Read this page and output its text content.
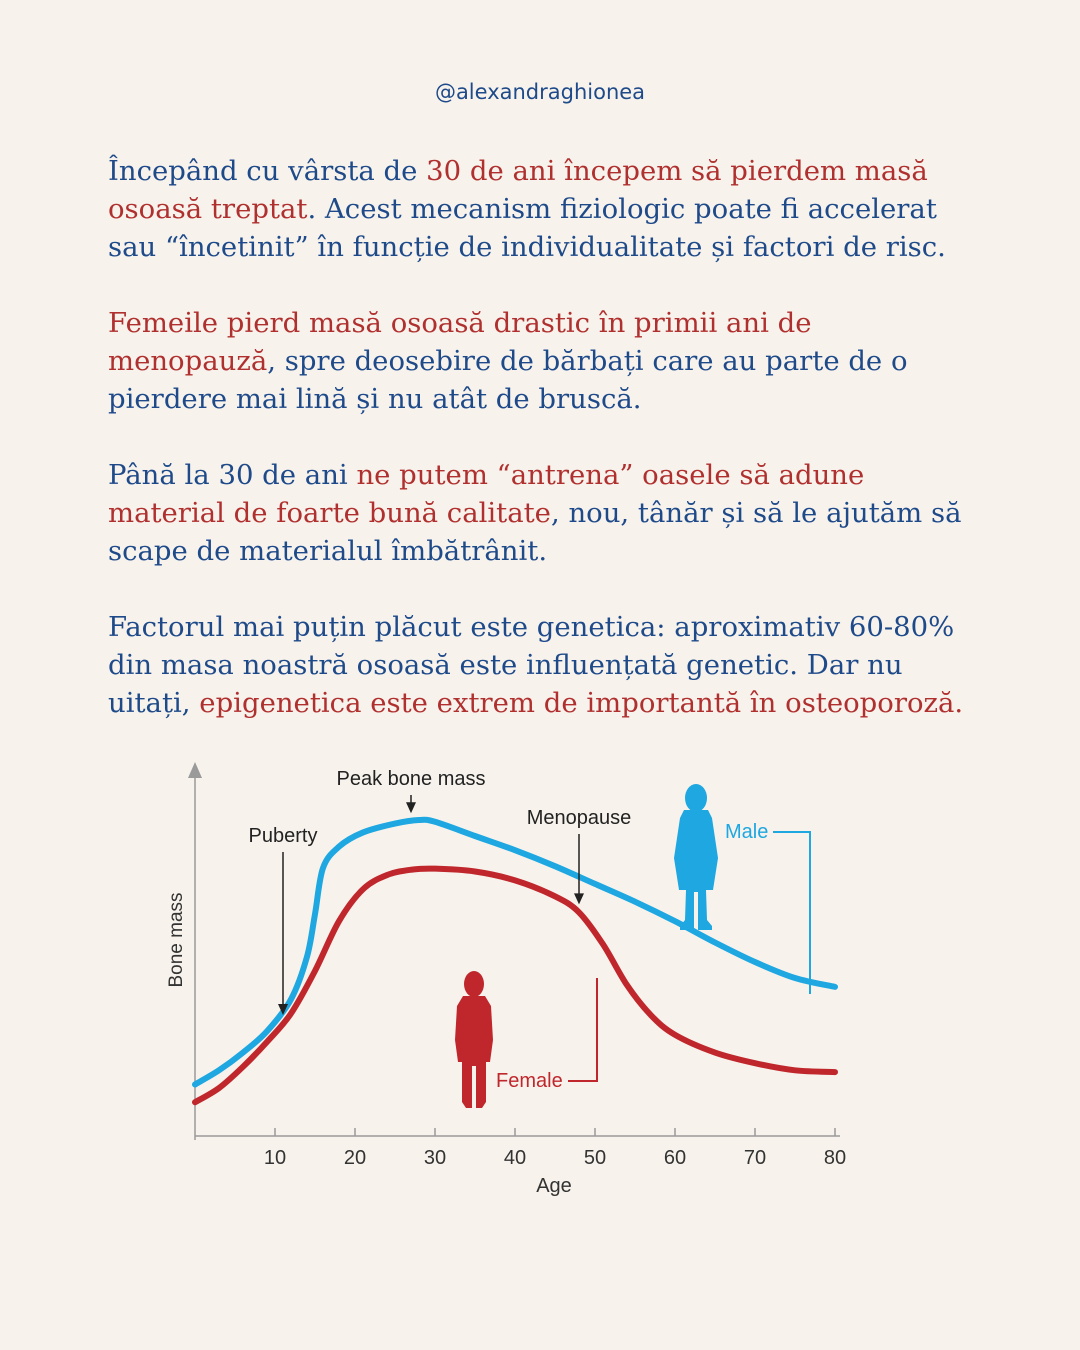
@alexandraghionea

Începând cu vârsta de 30 de ani începem să pierdem masă osoasă treptat. Acest mecanism fiziologic poate fi accelerat sau “încetinit” în funcție de individualitate și factori de risc.

Femeile pierd masă osoasă drastic în primii ani de menopauză, spre deosebire de bărbați care au parte de o pierdere mai lină și nu atât de bruscă.

Până la 30 de ani ne putem “antrena” oasele să adune material de foarte bună calitate, nou, tânăr și să le ajutăm să scape de materialul îmbătrânit.

Factorul mai puțin plăcut este genetica: aproximativ 60-80% din masa noastră osoasă este influențată genetic. Dar nu uitați, epigenetica este extrem de importantă în osteoporoză.

10	20	30	40	50	60	70	80
Age
Bone mass
Puberty
Peak bone mass
Menopause
Male
Female
